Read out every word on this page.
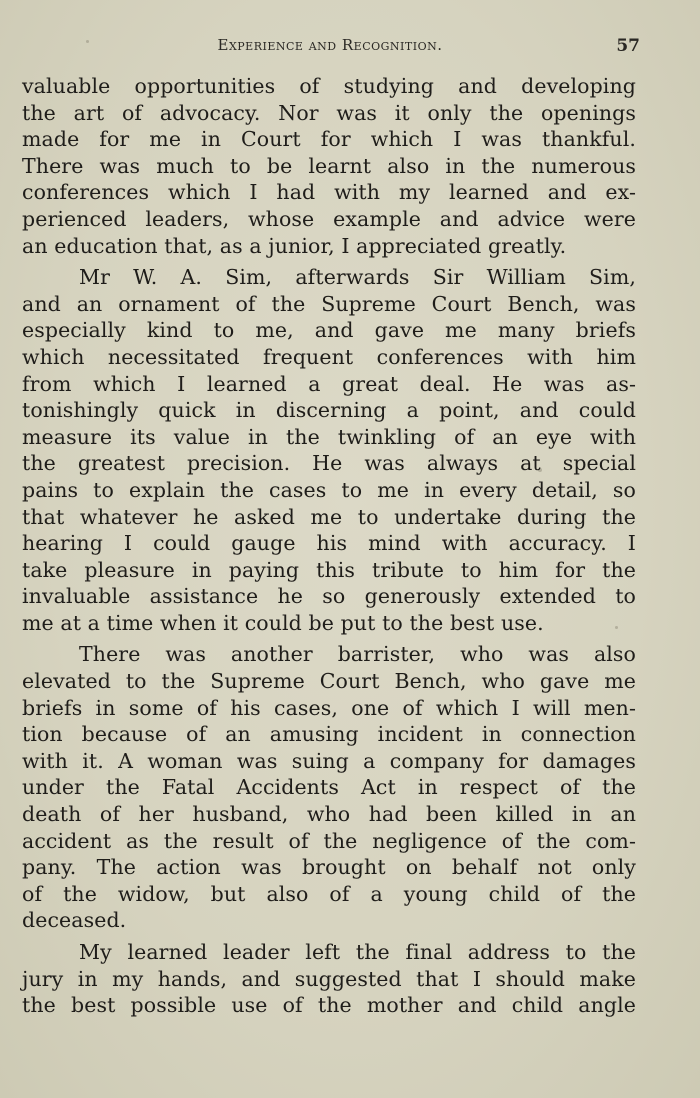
Experience and Recognition.	57
valuable opportunities of studying and developing
the art of advocacy. Nor was it only the openings
made for me in Court for which I was thankful.
There was much to be learnt also in the numerous
conferences which I had with my learned and ex-
perienced leaders, whose example and advice were
an education that, as a junior, I appreciated greatly.
Mr W. A. Sim, afterwards Sir William Sim,
and an ornament of the Supreme Court Bench, was
especially kind to me, and gave me many briefs
which necessitated frequent conferences with him
from which I learned a great deal. He was as-
tonishingly quick in discerning a point, and could
measure its value in the twinkling of an eye with
the greatest precision. He was always at special
pains to explain the cases to me in every detail, so
that whatever he asked me to undertake during the
hearing I could gauge his mind with accuracy. I
take pleasure in paying this tribute to him for the
invaluable assistance he so generously extended to
me at a time when it could be put to the best use.
There was another barrister, who was also
elevated to the Supreme Court Bench, who gave me
briefs in some of his cases, one of which I will men-
tion because of an amusing incident in connection
with it. A woman was suing a company for damages
under the Fatal Accidents Act in respect of the
death of her husband, who had been killed in an
accident as the result of the negligence of the com-
pany. The action was brought on behalf not only
of the widow, but also of a young child of the
deceased.
My learned leader left the final address to the
jury in my hands, and suggested that I should make
the best possible use of the mother and child angle
